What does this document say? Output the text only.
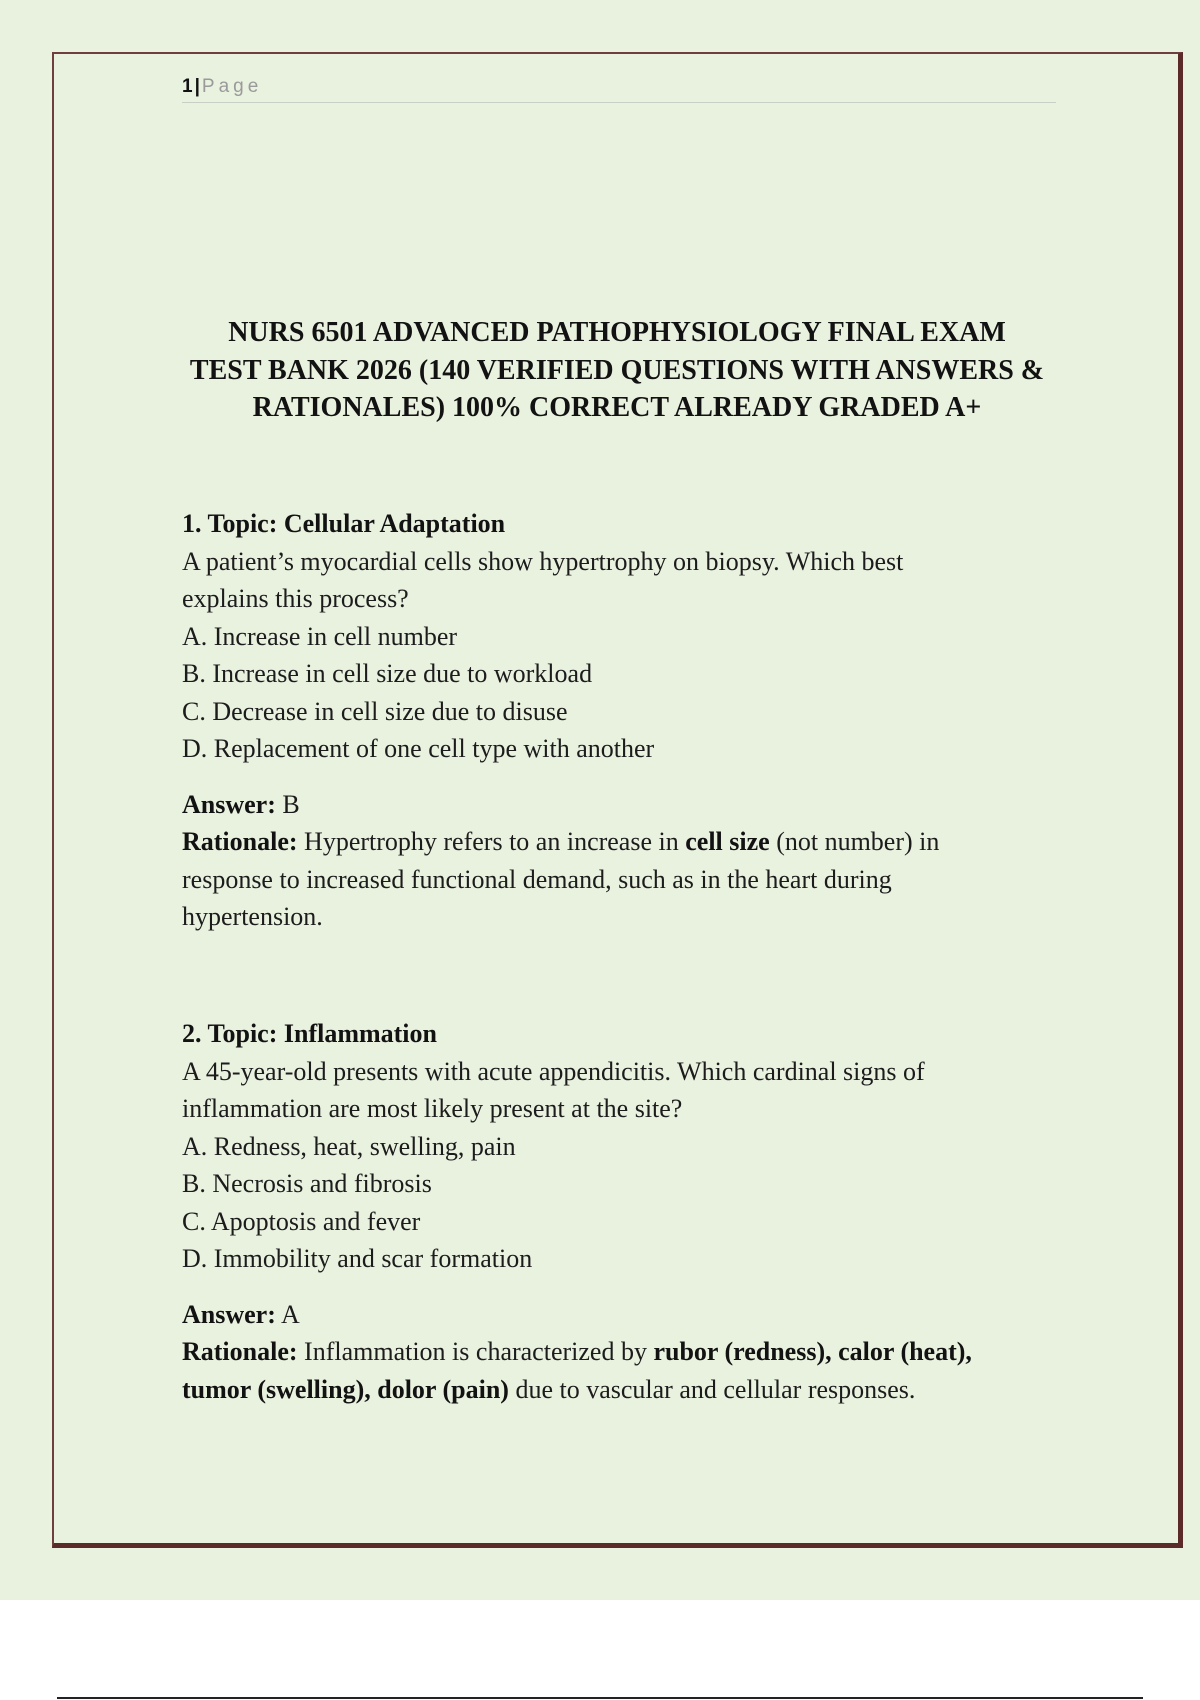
1 | Page
NURS 6501 ADVANCED PATHOPHYSIOLOGY FINAL EXAM
TEST BANK 2026 (140 VERIFIED QUESTIONS WITH ANSWERS &
RATIONALES) 100% CORRECT ALREADY GRADED A+
1. Topic: Cellular Adaptation
A patient’s myocardial cells show hypertrophy on biopsy. Which best
explains this process?
A. Increase in cell number
B. Increase in cell size due to workload
C. Decrease in cell size due to disuse
D. Replacement of one cell type with another
Answer: B
Rationale: Hypertrophy refers to an increase in cell size (not number) in
response to increased functional demand, such as in the heart during
hypertension.
2. Topic: Inflammation
A 45-year-old presents with acute appendicitis. Which cardinal signs of
inflammation are most likely present at the site?
A. Redness, heat, swelling, pain
B. Necrosis and fibrosis
C. Apoptosis and fever
D. Immobility and scar formation
Answer: A
Rationale: Inflammation is characterized by rubor (redness), calor (heat),
tumor (swelling), dolor (pain) due to vascular and cellular responses.
